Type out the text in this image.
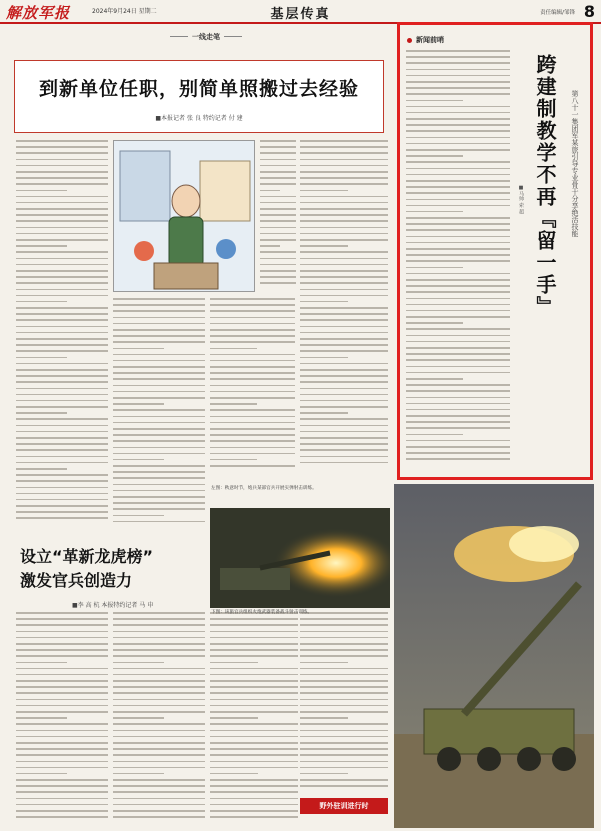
解放军报	2024年9月24日 星期二	基层传真	责任编辑/邹锋 8
一线走笔
到新单位任职，别简单照搬过去经验
■本报记者 张 良 特约记者 付 建
新闻前哨
跨建制教学不再『留一手』	第八十一集团军某旅引导专业骨干分享绝活技能
■马帅 索 超
设立“革新龙虎榜”
激发官兵创造力
■李 高 杭 本报特约记者 马 申
野外驻训进行时
左图：秋意时节，炮兵某部官兵开展实弹射击训练。
下图：该旅官兵组织火炮武器装备战斗射击训练。
